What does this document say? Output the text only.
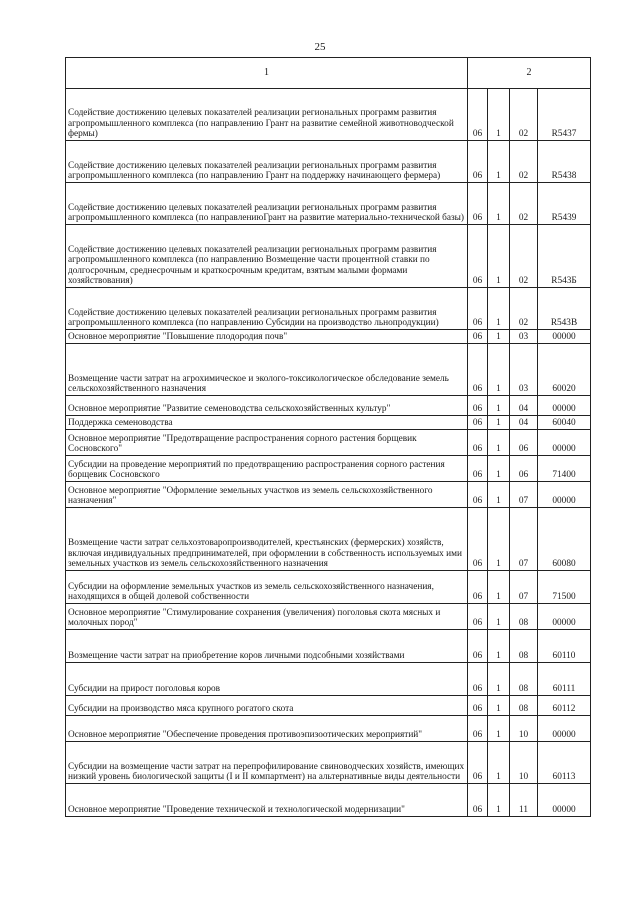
25
1	2			
Содействие достижению целевых показателей реализации региональных программ развития агропромышленного комплекса (по направлению Грант на развитие семейной животноводческой фермы)	06	1	02	R5437
Содействие достижению целевых показателей реализации региональных программ развития агропромышленного комплекса (по направлению Грант на поддержку начинающего фермера)	06	1	02	R5438
Содействие достижению целевых показателей реализации региональных программ развития агропромышленного комплекса (по направлениюГрант на развитие материально-технической базы)	06	1	02	R5439
Содействие достижению целевых показателей реализации региональных программ развития агропромышленного комплекса (по направлению Возмещение части процентной ставки по долгосрочным, среднесрочным и краткосрочным кредитам, взятым малыми формами хозяйствования)	06	1	02	R543Б
Содействие достижению целевых показателей реализации региональных программ развития агропромышленного комплекса (по направлению Субсидии на производство льнопродукции)	06	1	02	R543В
Основное мероприятие "Повышение плодородия почв"	06	1	03	00000
Возмещение части затрат на агрохимическое и эколого-токсикологическое обследование земель сельскохозяйственного назначения	06	1	03	60020
Основное мероприятие "Развитие семеноводства сельскохозяйственных культур"	06	1	04	00000
Поддержка семеноводства	06	1	04	60040
Основное мероприятие "Предотвращение распространения сорного растения борщевик Сосновского"	06	1	06	00000
Субсидии на проведение мероприятий по предотвращению распространения сорного растения борщевик Сосновского	06	1	06	71400
Основное мероприятие "Оформление земельных участков из земель сельскохозяйственного назначения"	06	1	07	00000
Возмещение части затрат сельхозтоваропроизводителей, крестьянских (фермерских) хозяйств, включая индивидуальных предпринимателей, при оформлении в собственность используемых ими земельных участков из земель сельскохозяйственного назначения	06	1	07	60080
Субсидии на оформление земельных участков из земель сельскохозяйственного назначения, находящихся в общей долевой собственности	06	1	07	71500
Основное мероприятие "Стимулирование сохранения (увеличения) поголовья скота мясных и молочных пород"	06	1	08	00000
Возмещение части затрат на приобретение коров личными подсобными хозяйствами	06	1	08	60110
Субсидии на прирост поголовья коров	06	1	08	60111
Субсидии на производство мяса крупного рогатого скота	06	1	08	60112
Основное мероприятие "Обеспечение проведения противоэпизоотических мероприятий"	06	1	10	00000
Субсидии на возмещение части затрат на перепрофилирование свиноводческих хозяйств, имеющих низкий уровень биологической защиты (I и II компартмент) на альтернативные виды деятельности	06	1	10	60113
Основное мероприятие "Проведение технической и технологической модернизации"	06	1	11	00000
